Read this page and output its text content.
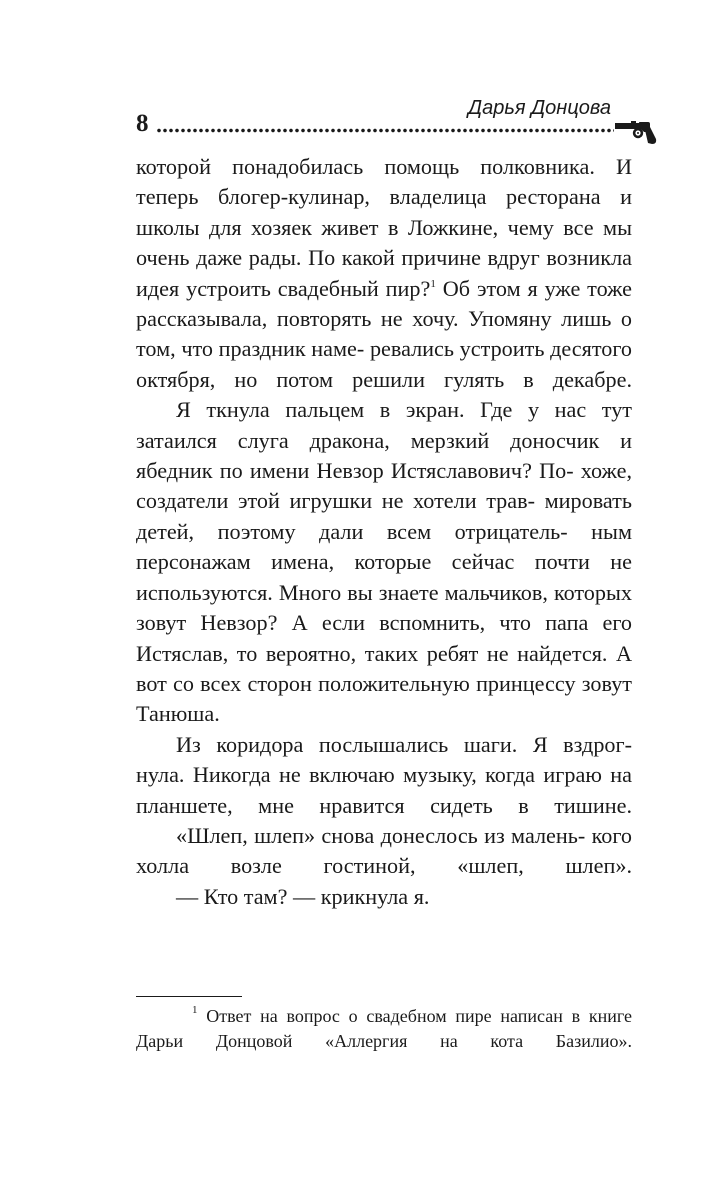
8
Дарья Донцова

которой понадобилась помощь полковника. И теперь блогер-кулинар, владелица ресторана и школы для хозяек живет в Ложкине, чему все мы очень даже рады. По какой причине вдруг возникла идея устроить свадебный пир?$^1$ Об этом я уже тоже рассказывала, повторять не хочу. Упомяну лишь о том, что праздник наме- ревались устроить десятого октября, но потом решили гулять в декабре.

Я ткнула пальцем в экран. Где у нас тут затаился слуга дракона, мерзкий доносчик и ябедник по имени Невзор Истяславович? По- хоже, создатели этой игрушки не хотели трав- мировать детей, поэтому дали всем отрицатель- ным персонажам имена, которые сейчас почти не используются. Много вы знаете мальчиков, которых зовут Невзор? А если вспомнить, что папа его Истяслав, то вероятно, таких ребят не найдется. А вот со всех сторон положительную принцессу зовут Танюша.

Из коридора послышались шаги. Я вздрог- нула. Никогда не включаю музыку, когда играю на планшете, мне нравится сидеть в тишине.

«Шлеп, шлеп» снова донеслось из малень- кого холла возле гостиной, «шлеп, шлеп».

— Кто там? — крикнула я.

$^1$ Ответ на вопрос о свадебном пире написан в книге Дарьи Донцовой «Аллергия на кота Базилио».
